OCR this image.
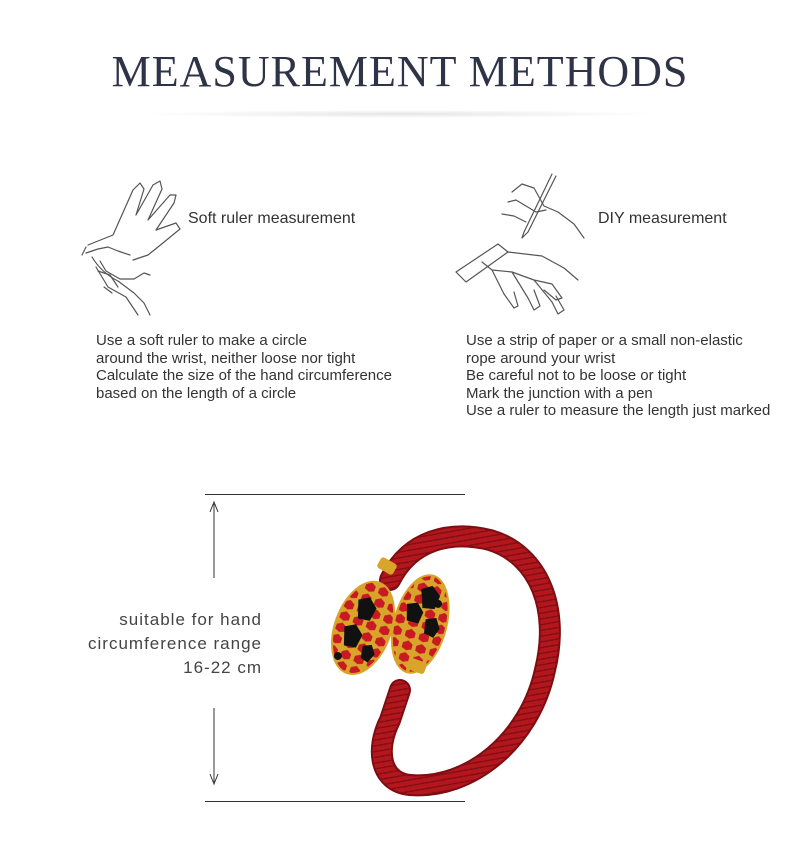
MEASUREMENT METHODS
Soft ruler measurement	DIY measurement
Use a soft ruler to make a circle
around the wrist, neither loose nor tight
Calculate the size of the hand circumference
based on the length of a circle
Use a strip of paper or a small non-elastic
rope around your wrist
Be careful not to be loose or tight
Mark the junction with a pen
Use a ruler to measure the length just marked
suitable for hand
circumference range
16-22 cm
